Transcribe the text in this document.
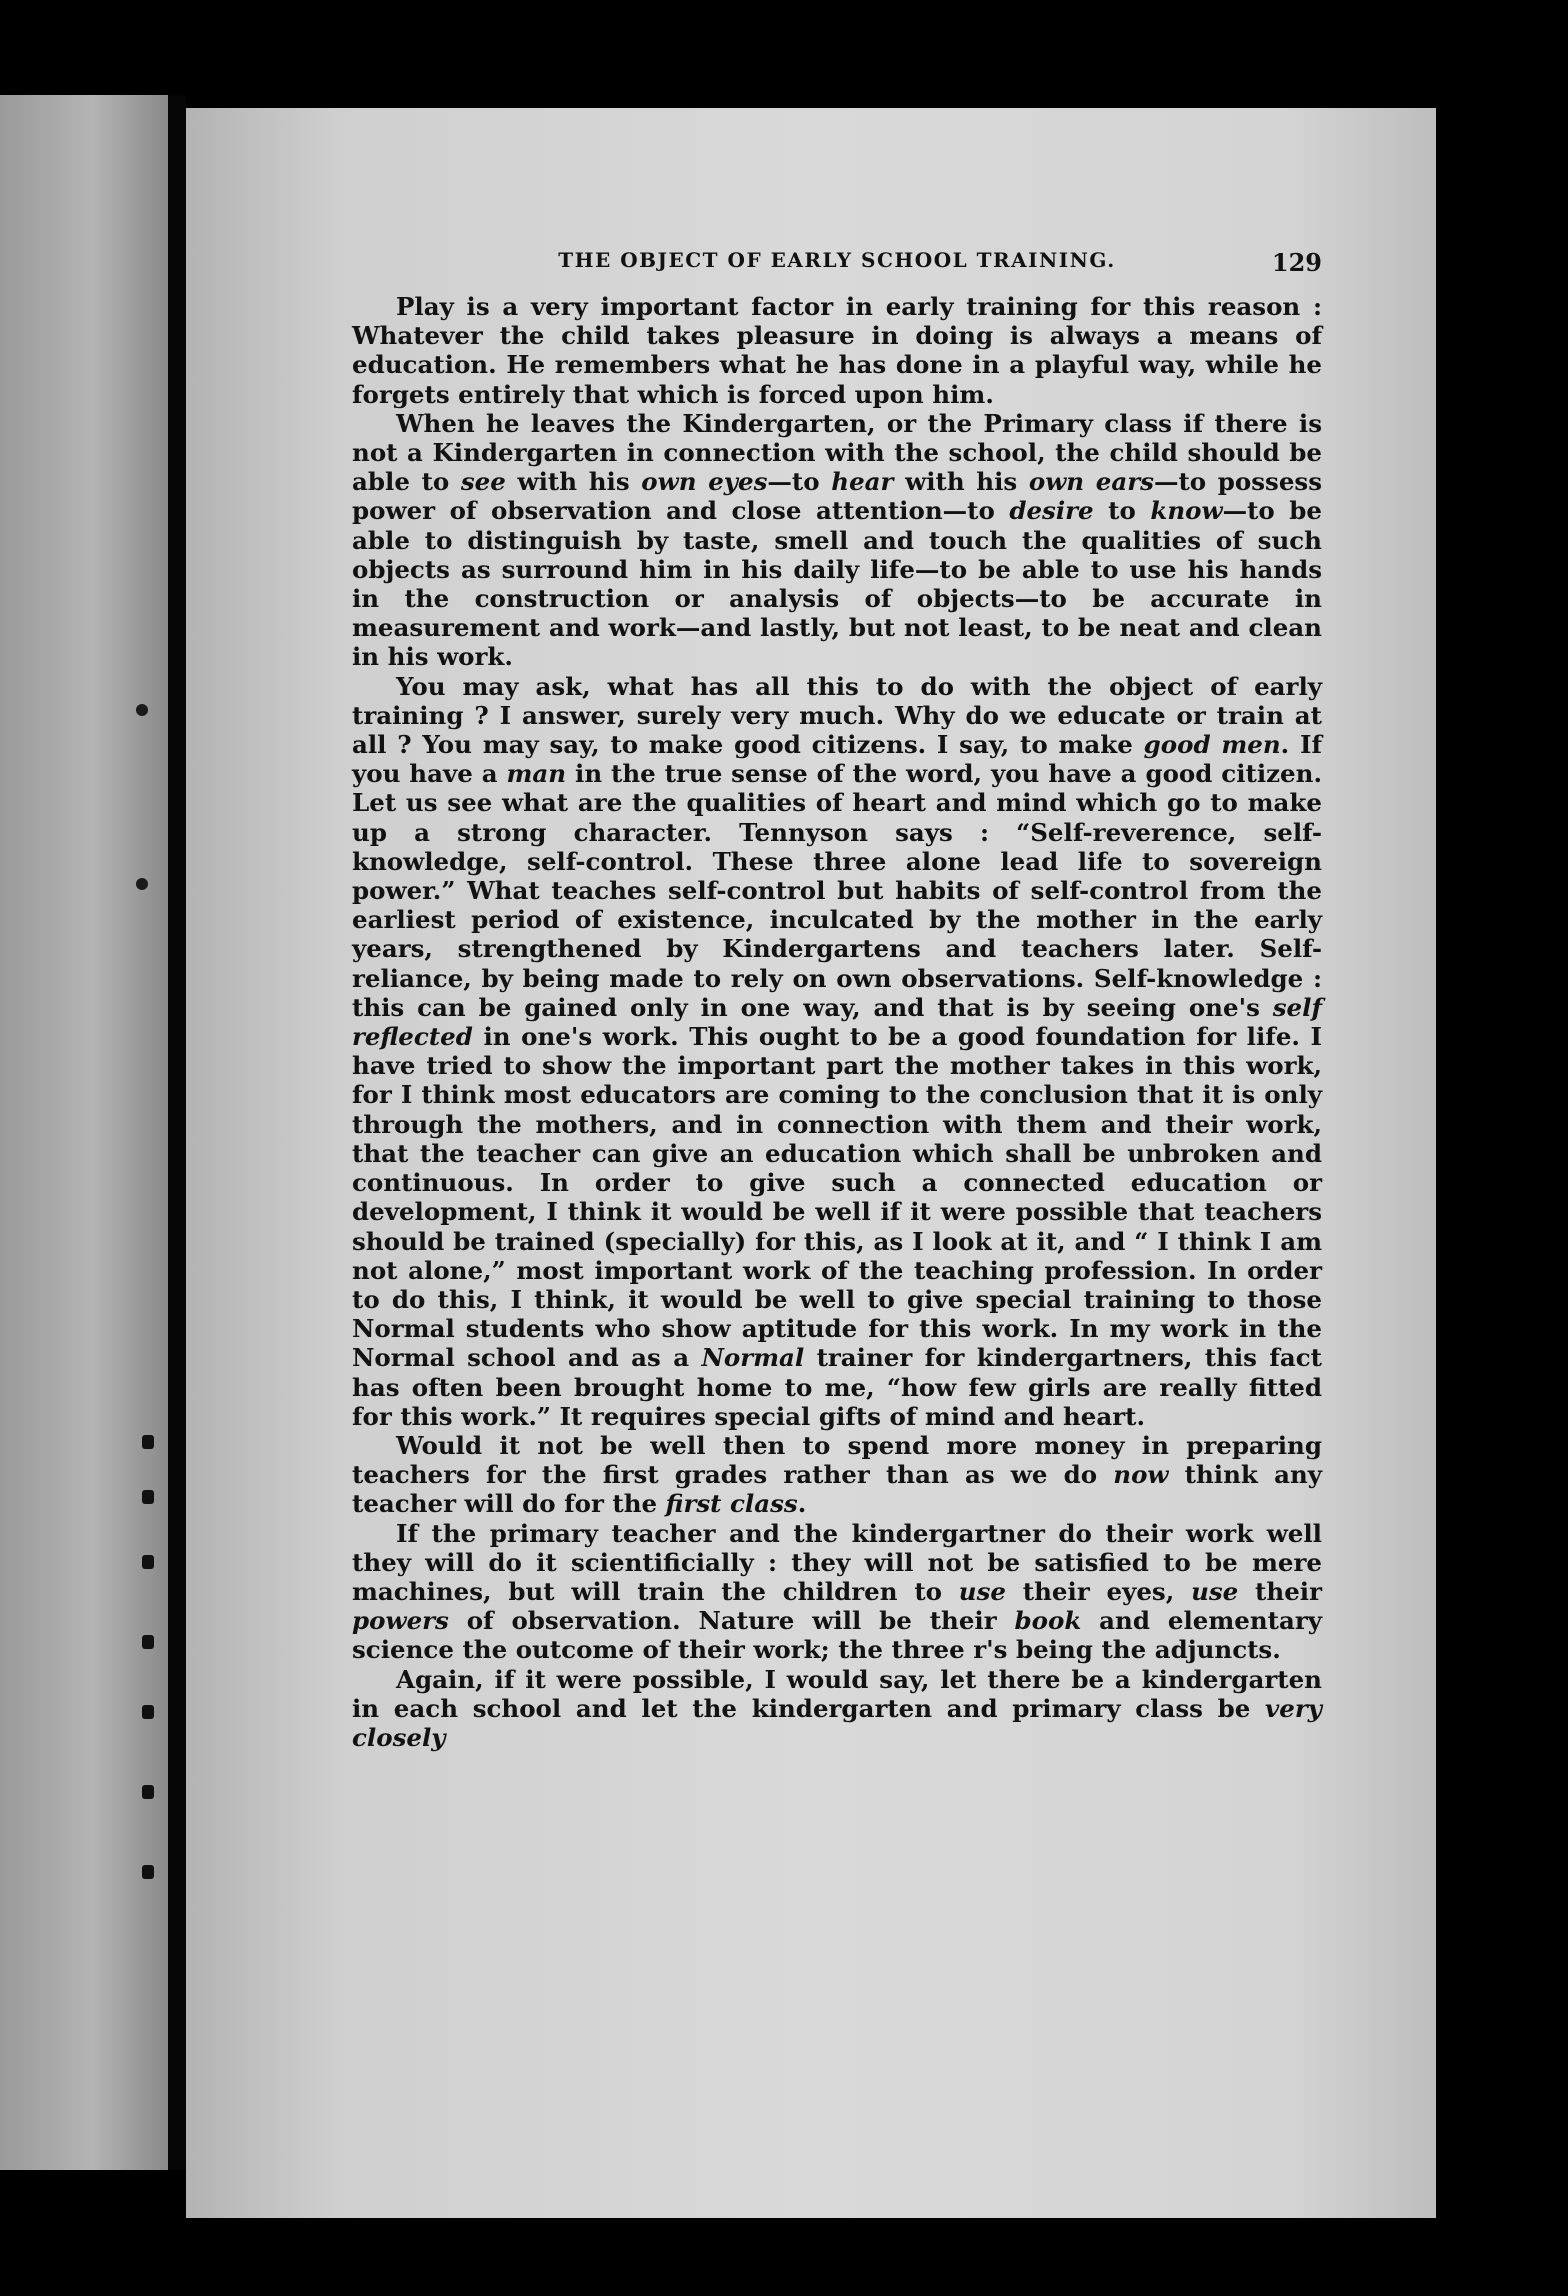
THE OBJECT OF EARLY SCHOOL TRAINING.	129

Play is a very important factor in early training for this reason : Whatever the child takes pleasure in doing is always a means of education. He remembers what he has done in a playful way, while he forgets entirely that which is forced upon him.

When he leaves the Kindergarten, or the Primary class if there is not a Kindergarten in connection with the school, the child should be able to see with his own eyes—to hear with his own ears—to possess power of observation and close attention—to desire to know—to be able to distinguish by taste, smell and touch the qualities of such objects as surround him in his daily life—to be able to use his hands in the construction or analysis of objects—to be accurate in measurement and work—and lastly, but not least, to be neat and clean in his work.

You may ask, what has all this to do with the object of early training ? I answer, surely very much. Why do we educate or train at all ? You may say, to make good citizens. I say, to make good men. If you have a man in the true sense of the word, you have a good citizen. Let us see what are the qualities of heart and mind which go to make up a strong character. Tennyson says : “Self-reverence, self-knowledge, self-control. These three alone lead life to sovereign power.” What teaches self-control but habits of self-control from the earliest period of existence, inculcated by the mother in the early years, strengthened by Kindergartens and teachers later. Self-reliance, by being made to rely on own observations. Self-knowledge : this can be gained only in one way, and that is by seeing one's self reflected in one's work. This ought to be a good foundation for life. I have tried to show the important part the mother takes in this work, for I think most educators are coming to the conclusion that it is only through the mothers, and in connection with them and their work, that the teacher can give an education which shall be unbroken and continuous. In order to give such a connected education or development, I think it would be well if it were possible that teachers should be trained (specially) for this, as I look at it, and “ I think I am not alone,” most important work of the teaching profession. In order to do this, I think, it would be well to give special training to those Normal students who show aptitude for this work. In my work in the Normal school and as a Normal trainer for kindergartners, this fact has often been brought home to me, “how few girls are really fitted for this work.” It requires special gifts of mind and heart.

Would it not be well then to spend more money in preparing teachers for the first grades rather than as we do now think any teacher will do for the first class.

If the primary teacher and the kindergartner do their work well they will do it scientificially : they will not be satisfied to be mere machines, but will train the children to use their eyes, use their powers of observation. Nature will be their book and elementary science the outcome of their work; the three r's being the adjuncts.

Again, if it were possible, I would say, let there be a kindergarten in each school and let the kindergarten and primary class be very closely
